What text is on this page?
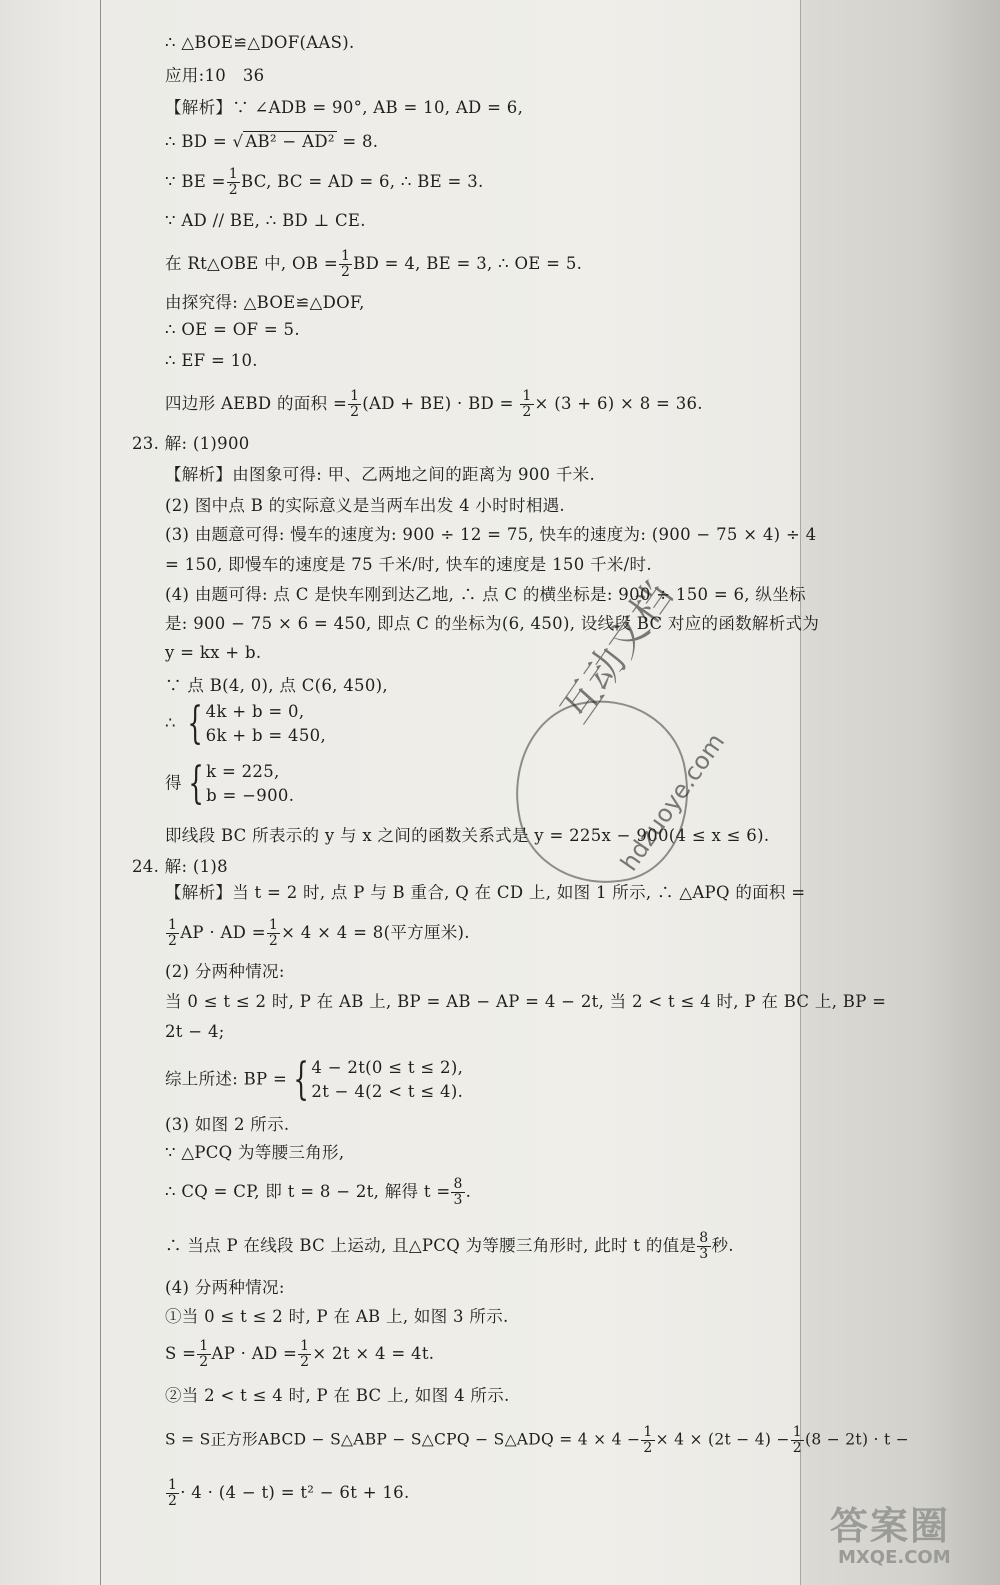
∴ △BOE≌△DOF(AAS).
应用:10　36
【解析】∵ ∠ADB = 90°, AB = 10, AD = 6,
∴ BD = √ AB² − AD² = 8.
∵ BE = $\frac{1}{2}$ BC, BC = AD = 6, ∴ BE = 3.
∵ AD // BE, ∴ BD ⊥ CE.
在 Rt△OBE 中, OB = $\frac{1}{2}$ BD = 4, BE = 3, ∴ OE = 5.
由探究得: △BOE≌△DOF,
∴ OE = OF = 5.
∴ EF = 10.
四边形 AEBD 的面积 = $\frac{1}{2} (AD + BE)$ · BD = $\frac{1}{2} \times (3 + 6) \times 8 = 36$.
23. 解: (1)900
【解析】由图象可得: 甲、乙两地之间的距离为 900 千米.
(2) 图中点 B 的实际意义是当两车出发 4 小时时相遇.
(3) 由题意可得: 慢车的速度为: 900 ÷ 12 = 75, 快车的速度为: (900 − 75 × 4) ÷ 4
= 150, 即慢车的速度是 75 千米/时, 快车的速度是 150 千米/时.
(4) 由题可得: 点 C 是快车刚到达乙地, ∴ 点 C 的横坐标是: 900 ÷ 150 = 6, 纵坐标
是: 900 − 75 × 6 = 450, 即点 C 的坐标为(6, 450), 设线段 BC 对应的函数解析式为
y = kx + b.
∵ 点 B(4, 0), 点 C(6, 450),
∴ { 4k + b = 0,
6k + b = 450,
得 { k = 225,
b = −900.
即线段 BC 所表示的 y 与 x 之间的函数关系式是 y = 225x − 900(4 ≤ x ≤ 6).
24. 解: (1)8
【解析】当 t = 2 时, 点 P 与 B 重合, Q 在 CD 上, 如图 1 所示, ∴ △APQ 的面积 =
$\frac{1}{2}$ AP · AD = $\frac{1}{2} \times 4 \times 4 = 8$(平方厘米).
(2) 分两种情况:
当 0 ≤ t ≤ 2 时, P 在 AB 上, BP = AB − AP = 4 − 2t, 当 2 < t ≤ 4 时, P 在 BC 上, BP =
2t − 4;
综上所述: BP = { 4 − 2t(0 ≤ t ≤ 2),
2t − 4(2 < t ≤ 4).
(3) 如图 2 所示.
∵ △PCQ 为等腰三角形,
∴ CQ = CP, 即 t = 8 − 2t, 解得 $t = \frac{8}{3}$ .
∴ 当点 P 在线段 BC 上运动, 且△PCQ 为等腰三角形时, 此时 t 的值是 $\frac{8}{3}$ 秒.
(4) 分两种情况:
①当 0 ≤ t ≤ 2 时, P 在 AB 上, 如图 3 所示.
$S = \frac{1}{2}$ AP · AD = $\frac{1}{2} \times 2t \times 4 = 4t$.
②当 2 < t ≤ 4 时, P 在 BC 上, 如图 4 所示.
S = S正方形ABCD − S△ABP − S△CPQ − S△ADQ = $4 \times 4 - \frac{1}{2} \times 4 \times (2t - 4) - \frac{1}{2} (8 - 2t) \cdot t$ −
$\frac{1}{2} \cdot 4 \cdot (4 - t) = t^2 - 6t + 16$.
互动文档
hdzuoye.com
答案圈
MXQE.COM
